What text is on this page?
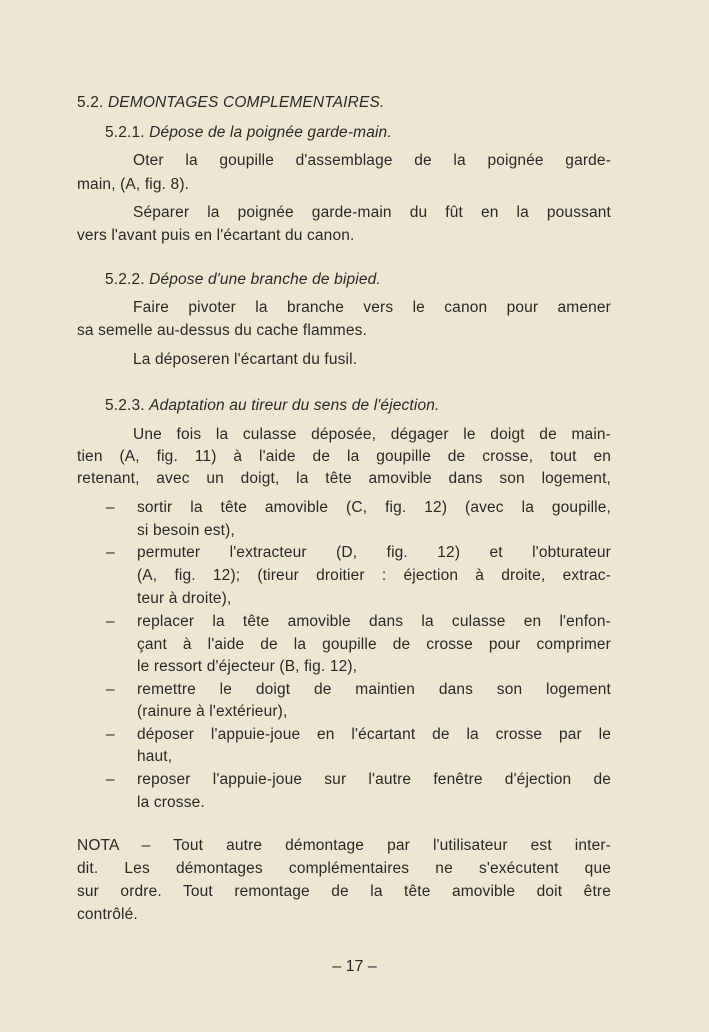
5.2. DEMONTAGES COMPLEMENTAIRES.
5.2.1. Dépose de la poignée garde-main.
Oter la goupille d'assemblage de la poignée garde-
main, (A, fig. 8).
Séparer la poignée garde-main du fût en la poussant
vers l'avant puis en l'écartant du canon.
5.2.2. Dépose d'une branche de bipied.
Faire pivoter la branche vers le canon pour amener
sa semelle au-dessus du cache flammes.
La déposeren l'écartant du fusil.
5.2.3. Adaptation au tireur du sens de l'éjection.
Une fois la culasse déposée, dégager le doigt de main-
tien (A, fig. 11) à l'aide de la goupille de crosse, tout en
retenant, avec un doigt, la tête amovible dans son logement,
– sortir la tête amovible (C, fig. 12) (avec la goupille,
si besoin est),
– permuter l'extracteur (D, fig. 12) et l'obturateur
(A, fig. 12); (tireur droitier : éjection à droite, extrac-
teur à droite),
– replacer la tête amovible dans la culasse en l'enfon-
çant à l'aide de la goupille de crosse pour comprimer
le ressort d'éjecteur (B, fig. 12),
– remettre le doigt de maintien dans son logement
(rainure à l'extérieur),
– déposer l'appuie-joue en l'écartant de la crosse par le
haut,
– reposer l'appuie-joue sur l'autre fenêtre d'éjection de
la crosse.
NOTA – Tout autre démontage par l'utilisateur est inter-
dit. Les démontages complémentaires ne s'exécutent que
sur ordre. Tout remontage de la tête amovible doit être
contrôlé.
– 17 –
